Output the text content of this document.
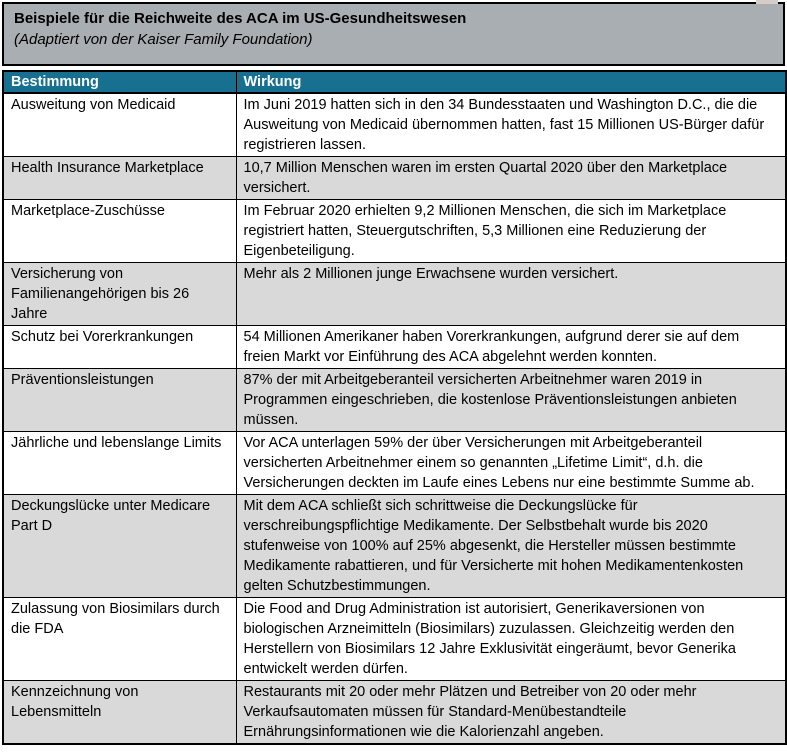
Beispiele für die Reichweite des ACA im US-Gesundheitswesen
(Adaptiert von der Kaiser Family Foundation)
Bestimmung	Wirkung
Ausweitung von Medicaid	Im Juni 2019 hatten sich in den 34 Bundesstaaten und Washington D.C., die die Ausweitung von Medicaid übernommen hatten, fast 15 Millionen US-Bürger dafür registrieren lassen.
Health Insurance Marketplace	10,7 Million Menschen waren im ersten Quartal 2020 über den Marketplace versichert.
Marketplace-Zuschüsse	Im Februar 2020 erhielten 9,2 Millionen Menschen, die sich im Marketplace registriert hatten, Steuergutschriften, 5,3 Millionen eine Reduzierung der Eigenbeteiligung.
Versicherung von Familienangehörigen bis 26 Jahre	Mehr als 2 Millionen junge Erwachsene wurden versichert.
Schutz bei Vorerkrankungen	54 Millionen Amerikaner haben Vorerkrankungen, aufgrund derer sie auf dem freien Markt vor Einführung des ACA abgelehnt werden konnten.
Präventionsleistungen	87% der mit Arbeitgeberanteil versicherten Arbeitnehmer waren 2019 in Programmen eingeschrieben, die kostenlose Präventionsleistungen anbieten müssen.
Jährliche und lebenslange Limits	Vor ACA unterlagen 59% der über Versicherungen mit Arbeitgeberanteil versicherten Arbeitnehmer einem so genannten „Lifetime Limit“, d.h. die Versicherungen deckten im Laufe eines Lebens nur eine bestimmte Summe ab.
Deckungslücke unter Medicare Part D	Mit dem ACA schließt sich schrittweise die Deckungslücke für verschreibungspflichtige Medikamente. Der Selbstbehalt wurde bis 2020 stufenweise von 100% auf 25% abgesenkt, die Hersteller müssen bestimmte Medikamente rabattieren, und für Versicherte mit hohen Medikamentenkosten gelten Schutzbestimmungen.
Zulassung von Biosimilars durch die FDA	Die Food and Drug Administration ist autorisiert, Generikaversionen von biologischen Arzneimitteln (Biosimilars) zuzulassen. Gleichzeitig werden den Herstellern von Biosimilars 12 Jahre Exklusivität eingeräumt, bevor Generika entwickelt werden dürfen.
Kennzeichnung von Lebensmitteln	Restaurants mit 20 oder mehr Plätzen und Betreiber von 20 oder mehr Verkaufsautomaten müssen für Standard-Menübestandteile Ernährungsinformationen wie die Kalorienzahl angeben.
